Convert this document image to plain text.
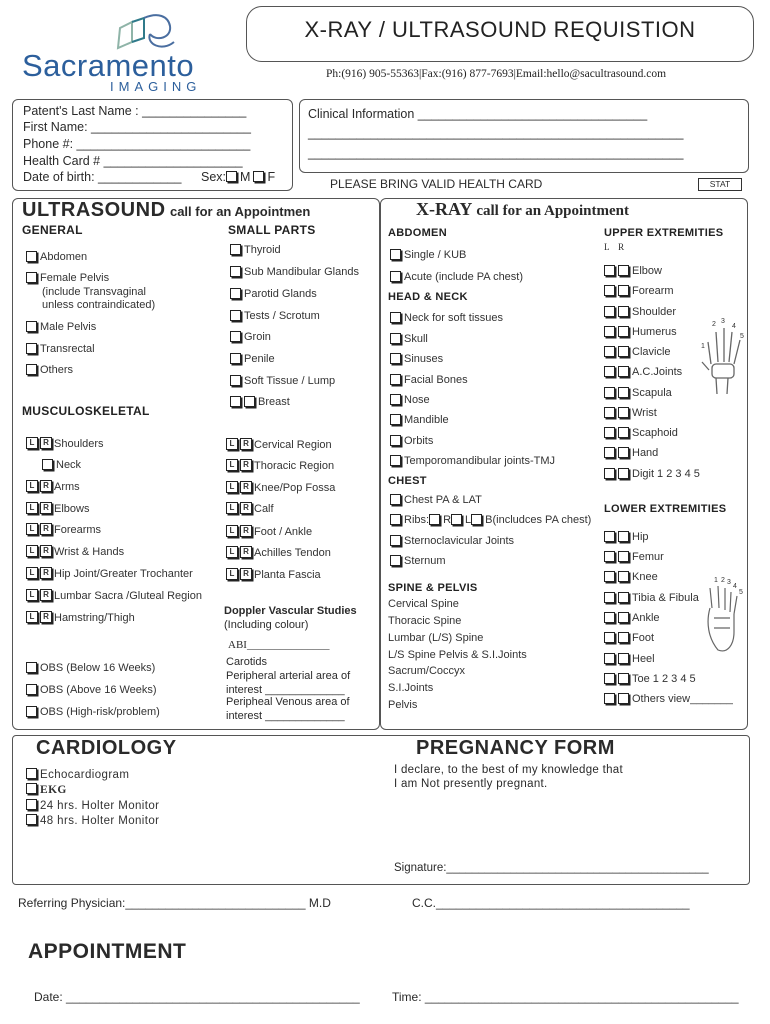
Sacramento
IMAGING
X-RAY / ULTRASOUND REQUISTION
Ph:(916) 905-55363|Fax:(916) 877-7693|Email:hello@sacultrasound.com
Patent's Last Name : _______________
First Name: _______________________
Phone #: _________________________
Health Card # ____________________
Date of birth: ____________ Sex: M F
Clinical Information _________________________________
______________________________________________________
______________________________________________________
PLEASE BRING VALID HEALTH CARD	STAT
ULTRASOUND call for an Appointmen
GENERAL	SMALL PARTS
Abdomen
Female Pelvis
Male Pelvis
Transrectal
Others
(include Transvaginal
unless contraindicated)
Thyroid
Sub Mandibular Glands
Parotid Glands
Tests / Scrotum
Groin
Penile
Soft Tissue / Lump
Breast
MUSCULOSKELETAL
L R Shoulders
Neck
L R Arms
L R Elbows
L R Forearms
L R Wrist & Hands
L R Hip Joint/Greater Trochanter
L R Lumbar Sacra /Gluteal Region
L R Hamstring/Thigh
L R Cervical Region
L R Thoracic Region
L R Knee/Pop Fossa
L R Calf
L R Foot / Ankle
L R Achilles Tendon
L R Planta Fascia
Doppler Vascular Studies
(Including colour)
ABI_______________
Carotids
Peripheral arterial area of
interest _____________
Peripheal Venous area of
interest _____________
OBS (Below 16 Weeks)
OBS (Above 16 Weeks)
OBS (High-risk/problem)
X-RAY call for an Appointment
ABDOMEN	UPPER EXTREMITIES
L    R
HEAD & NECK
CHEST
SPINE & PELVIS
LOWER EXTREMITIES
Single / KUB
Acute (include PA chest)
Neck for soft tissues
Skull
Sinuses
Facial Bones
Nose
Mandible
Orbits
Temporomandibular joints-TMJ
Chest PA & LAT
Ribs: R L B(includces PA chest)
Sternoclavicular Joints
Sternum
Elbow
Forearm
Shoulder
Humerus
Clavicle
A.C.Joints
Scapula
Wrist
Scaphoid
Hand
Digit 1 2 3 4 5
Hip
Femur
Knee
Tibia & Fibula
Ankle
Foot
Heel
Toe 1 2 3 4 5
Others view_______
Cervical Spine
Thoracic Spine
Lumbar (L/S) Spine
L/S Spine Pelvis & S.I.Joints
Sacrum/Coccyx
S.I.Joints
Pelvis
1
2 3
4
5
1 2 3
4
5
CARDIOLOGY
Echocardiogram
EKG
24 hrs. Holter Monitor
48 hrs. Holter Monitor
PREGNANCY FORM
I declare, to the best of my knowledge that
I am Not presently pregnant.
Signature:_________________________________________
Referring Physician:___________________________ M.D	C.C.______________________________________
APPOINTMENT
Date: ____________________________________________	Time: _______________________________________________
